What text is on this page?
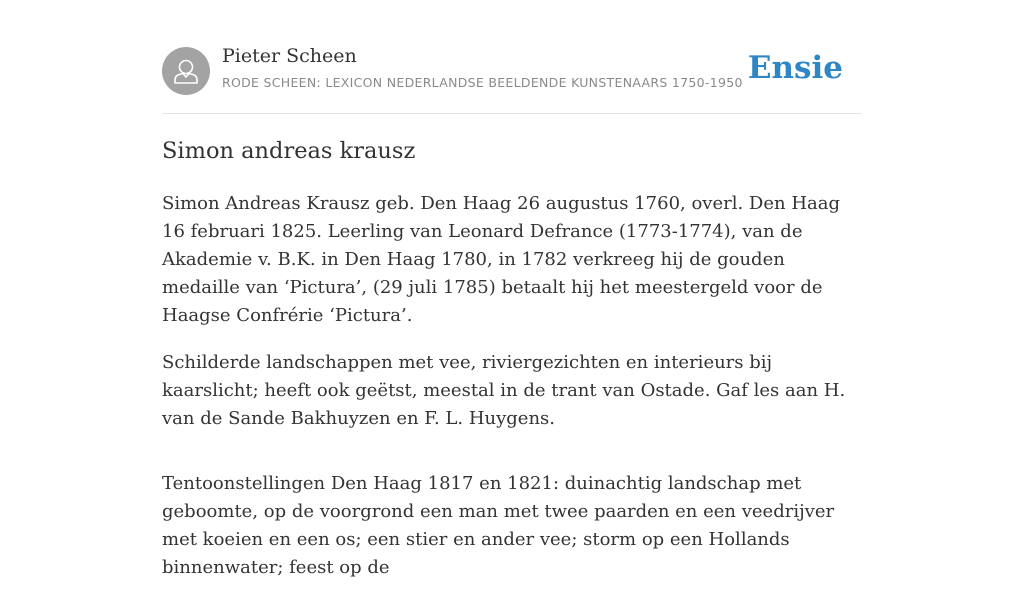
Pieter Scheen
RODE SCHEEN: LEXICON NEDERLANDSE BEELDENDE KUNSTENAARS 1750-1950 Ensie
Simon andreas krausz

Simon Andreas Krausz geb. Den Haag 26 augustus 1760, overl. Den Haag 16 februari 1825. Leerling van Leonard Defrance (1773-1774), van de Akademie v. B.K. in Den Haag 1780, in 1782 verkreeg hij de gouden medaille van ‘Pictura’, (29 juli 1785) betaalt hij het meestergeld voor de Haagse Confrérie ‘Pictura’.

Schilderde landschappen met vee, riviergezichten en interieurs bij kaarslicht; heeft ook geëtst, meestal in de trant van Ostade. Gaf les aan H. van de Sande Bakhuyzen en F. L. Huygens.

Tentoonstellingen Den Haag 1817 en 1821: duinachtig landschap met geboomte, op de voorgrond een man met twee paarden en een veedrijver met koeien en een os; een stier en ander vee; storm op een Hollands binnenwater; feest op de
